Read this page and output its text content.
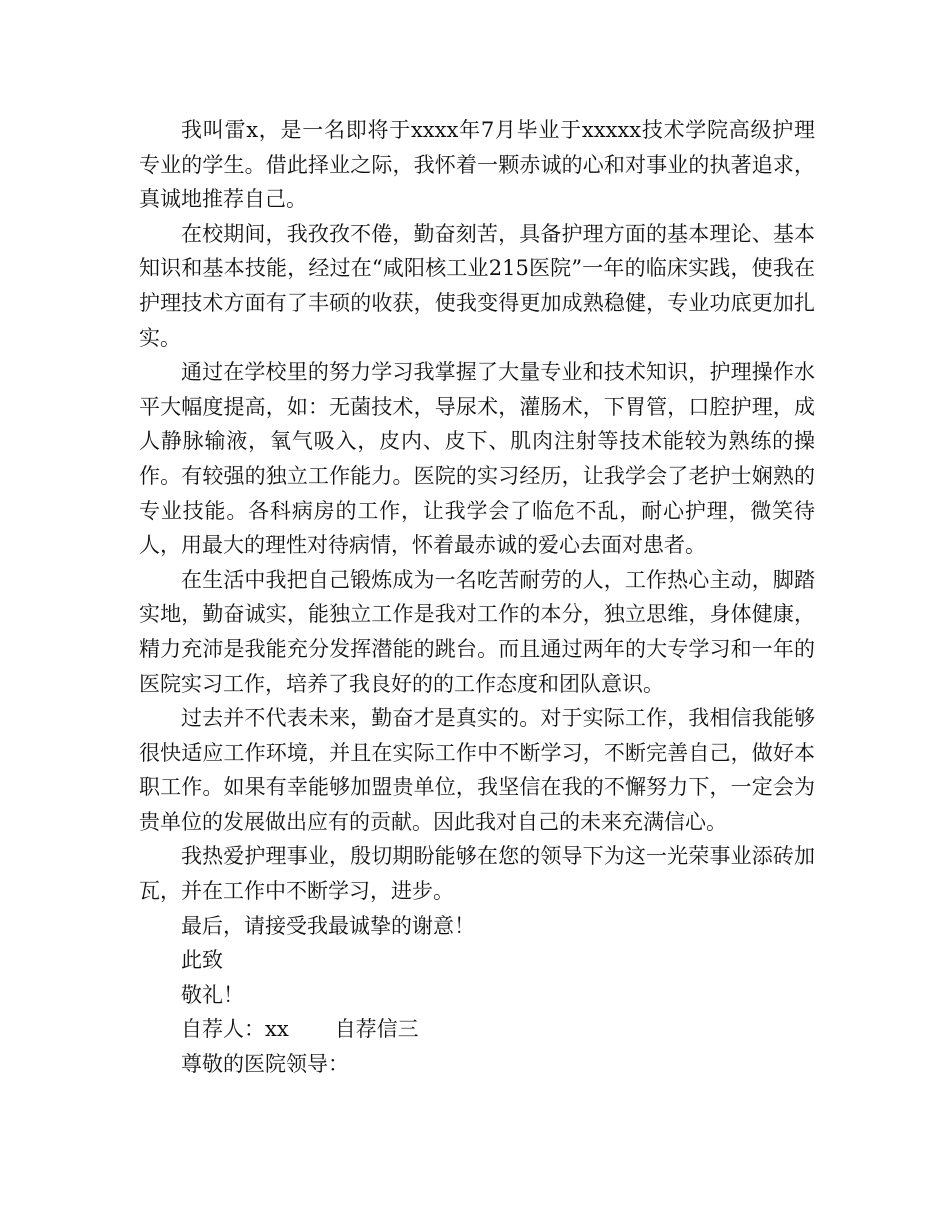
我叫雷x，是一名即将于xxxx年7月毕业于xxxxx技术学院高级护理专业的学生。借此择业之际，我怀着一颗赤诚的心和对事业的执著追求，真诚地推荐自己。

在校期间，我孜孜不倦，勤奋刻苦，具备护理方面的基本理论、基本知识和基本技能，经过在“咸阳核工业215医院”一年的临床实践，使我在护理技术方面有了丰硕的收获，使我变得更加成熟稳健，专业功底更加扎实。

通过在学校里的努力学习我掌握了大量专业和技术知识，护理操作水平大幅度提高，如：无菌技术，导尿术，灌肠术，下胃管，口腔护理，成人静脉输液，氧气吸入，皮内、皮下、肌肉注射等技术能较为熟练的操作。有较强的独立工作能力。医院的实习经历，让我学会了老护士娴熟的专业技能。各科病房的工作，让我学会了临危不乱，耐心护理，微笑待人，用最大的理性对待病情，怀着最赤诚的爱心去面对患者。

在生活中我把自己锻炼成为一名吃苦耐劳的人，工作热心主动，脚踏实地，勤奋诚实，能独立工作是我对工作的本分，独立思维，身体健康，精力充沛是我能充分发挥潜能的跳台。而且通过两年的大专学习和一年的医院实习工作，培养了我良好的的工作态度和团队意识。

过去并不代表未来，勤奋才是真实的。对于实际工作，我相信我能够很快适应工作环境，并且在实际工作中不断学习，不断完善自己，做好本职工作。如果有幸能够加盟贵单位，我坚信在我的不懈努力下，一定会为贵单位的发展做出应有的贡献。因此我对自己的未来充满信心。

我热爱护理事业，殷切期盼能够在您的领导下为这一光荣事业添砖加瓦，并在工作中不断学习，进步。

最后，请接受我最诚挚的谢意！
此致
敬礼！
自荐人：xx 自荐信三
尊敬的医院领导：
